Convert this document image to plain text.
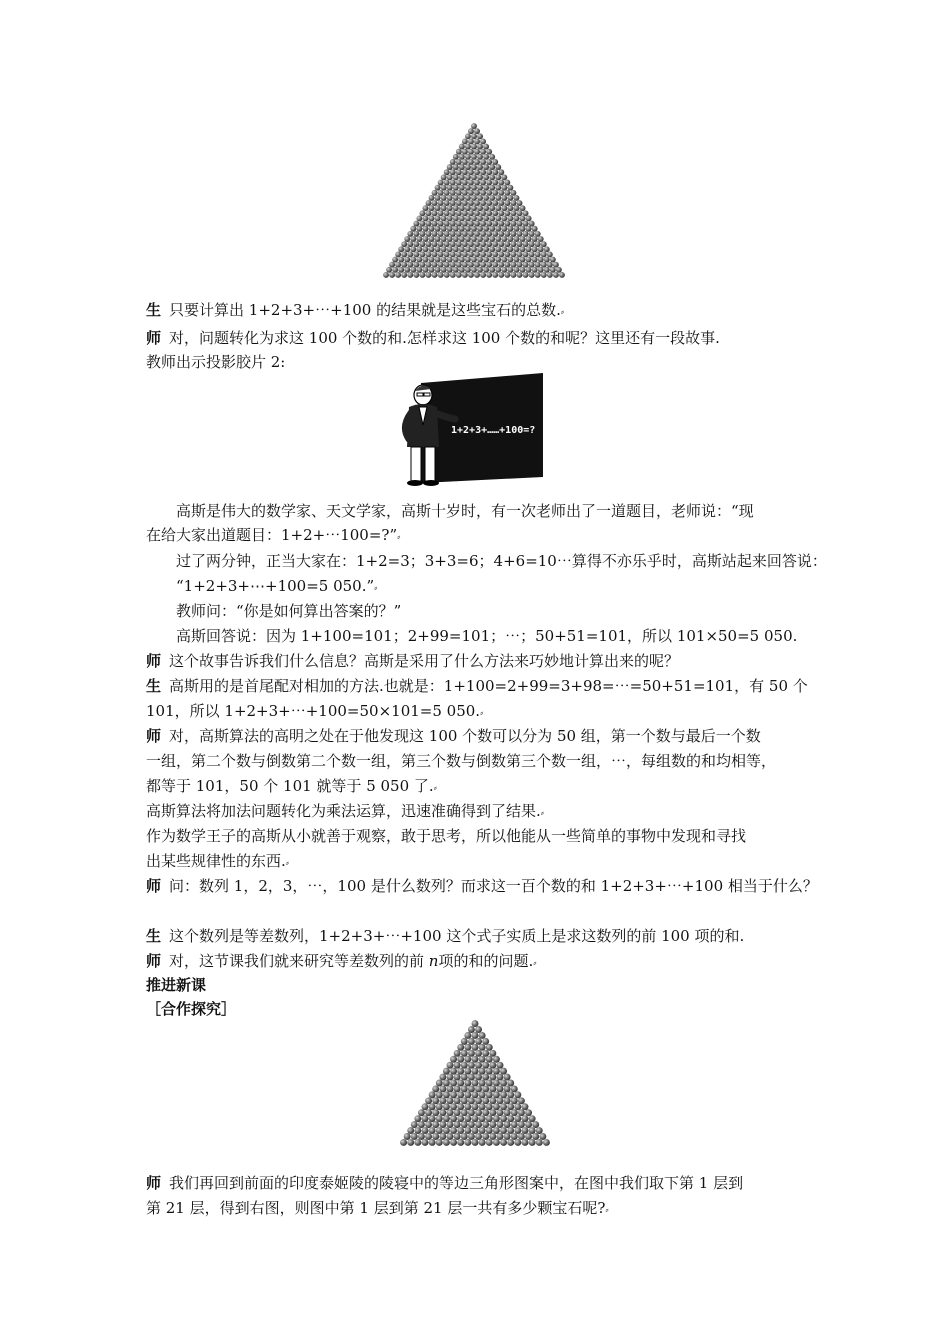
生 只要计算出 1+2+3+⋯+100 的结果就是这些宝石的总数.⸗
师 对，问题转化为求这 100 个数的和.怎样求这 100 个数的和呢？这里还有一段故事.
教师出示投影胶片 2:
1+2+3+……+100=?
高斯是伟大的数学家、天文学家，高斯十岁时，有一次老师出了一道题目，老师说：“现
在给大家出道题目：1+2+⋯100=?”⸗
过了两分钟，正当大家在：1+2=3；3+3=6；4+6=10⋯算得不亦乐乎时，高斯站起来回答说：
“1+2+3+⋯+100=5 050.”⸗
教师问：“你是如何算出答案的？”
高斯回答说：因为 1+100=101；2+99=101；⋯；50+51=101，所以 101×50=5 050.
师 这个故事告诉我们什么信息？高斯是采用了什么方法来巧妙地计算出来的呢？
生 高斯用的是首尾配对相加的方法.也就是：1+100=2+99=3+98=⋯=50+51=101，有 50 个
101，所以 1+2+3+⋯+100=50×101=5 050.⸗
师 对，高斯算法的高明之处在于他发现这 100 个数可以分为 50 组，第一个数与最后一个数
一组，第二个数与倒数第二个数一组，第三个数与倒数第三个数一组，⋯，每组数的和均相等，
都等于 101，50 个 101 就等于 5 050 了.⸗
高斯算法将加法问题转化为乘法运算，迅速准确得到了结果.⸗
作为数学王子的高斯从小就善于观察，敢于思考，所以他能从一些简单的事物中发现和寻找
出某些规律性的东西.⸗
师 问：数列 1，2，3，⋯，100 是什么数列？而求这一百个数的和 1+2+3+⋯+100 相当于什么？
生 这个数列是等差数列，1+2+3+⋯+100 这个式子实质上是求这数列的前 100 项的和.
师 对，这节课我们就来研究等差数列的前 n项的和的问题.⸗
推进新课
［合作探究］
师 我们再回到前面的印度泰姬陵的陵寝中的等边三角形图案中，在图中我们取下第 1 层到
第 21 层，得到右图，则图中第 1 层到第 21 层一共有多少颗宝石呢?⸗
